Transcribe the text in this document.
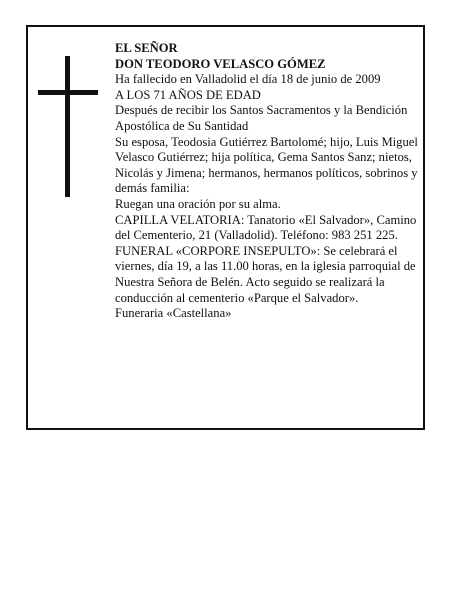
EL SEÑOR

DON TEODORO VELASCO GÓMEZ

Ha fallecido en Valladolid el día 18 de junio de 2009

A LOS 71 AÑOS DE EDAD

Después de recibir los Santos Sacramentos y la Bendición Apostólica de Su Santidad

Su esposa, Teodosia Gutiérrez Bartolomé; hijo, Luis Miguel Velasco Gutiérrez; hija política, Gema Santos Sanz; nietos, Nicolás y Jimena; hermanos, hermanos políticos, sobrinos y demás familia:

Ruegan una oración por su alma.

CAPILLA VELATORIA: Tanatorio «El Salvador», Camino del Cementerio, 21 (Valladolid). Teléfono: 983 251 225.

FUNERAL «CORPORE INSEPULTO»: Se celebrará el viernes, día 19, a las 11.00 horas, en la iglesia parroquial de Nuestra Señora de Belén. Acto seguido se realizará la conducción al cementerio «Parque el Salvador».

Funeraria «Castellana»
